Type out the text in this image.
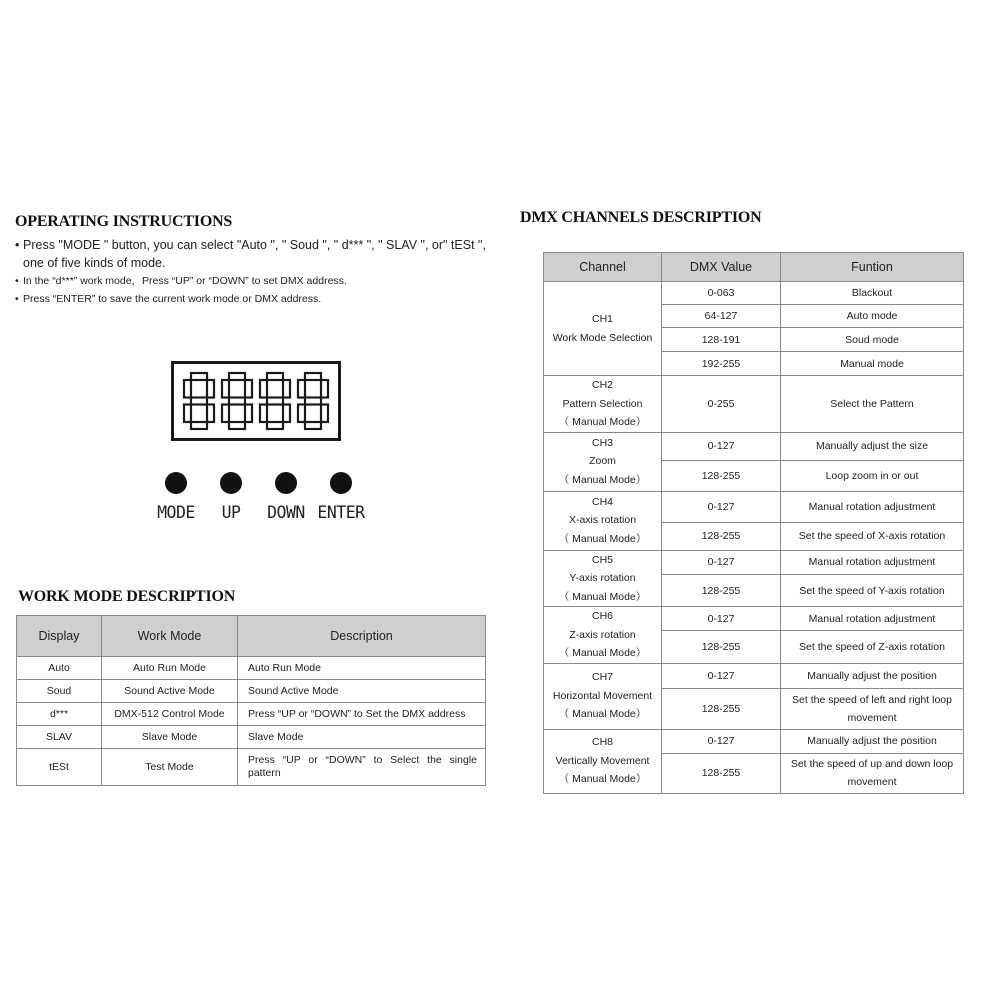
OPERATING INSTRUCTIONS
• Press "MODE " button, you can select "Auto ", " Soud ", " d*** ", " SLAV ", or" tESt ", one of five kinds of mode.
• In the “d***” work mode，Press “UP” or “DOWN” to set DMX address.
• Press “ENTER” to save the current work mode or DMX address.
MODE	UP	DOWN ENTER
WORK MODE DESCRIPTION
Display	Work Mode	Description
Auto	Auto Run Mode	Auto Run Mode
Soud	Sound Active Mode	Sound Active Mode
d***	DMX-512 Control Mode	Press “UP or “DOWN” to Set the DMX address
SLAV	Slave Mode	Slave Mode
tESt	Test Mode	Press “UP or “DOWN” to Select the single pattern
DMX CHANNELS DESCRIPTION
Channel	DMX Value	Funtion

CH1
Work Mode Selection	0-063	Blackout
	64-127	Auto mode
	128-191	Soud mode
	192-255	Manual mode

CH2
Pattern Selection
（ Manual Mode）	0-255	Select the Pattern

CH3
Zoom
（ Manual Mode）	0-127	Manually adjust the size
	128-255	Loop zoom in or out

CH4
X-axis rotation
（ Manual Mode）	0-127	Manual rotation adjustment
	128-255	Set the speed of X-axis rotation

CH5
Y-axis rotation
（ Manual Mode）	0-127	Manual rotation adjustment
	128-255	Set the speed of Y-axis rotation

CH6
Z-axis rotation
（ Manual Mode）	0-127	Manual rotation adjustment
	128-255	Set the speed of Z-axis rotation

CH7
Horizontal Movement
（ Manual Mode）	0-127	Manually adjust the position
	128-255	Set the speed of left and right loop movement

CH8
Vertically Movement
（ Manual Mode）	0-127	Manually adjust the position
	128-255	Set the speed of up and down loop movement
